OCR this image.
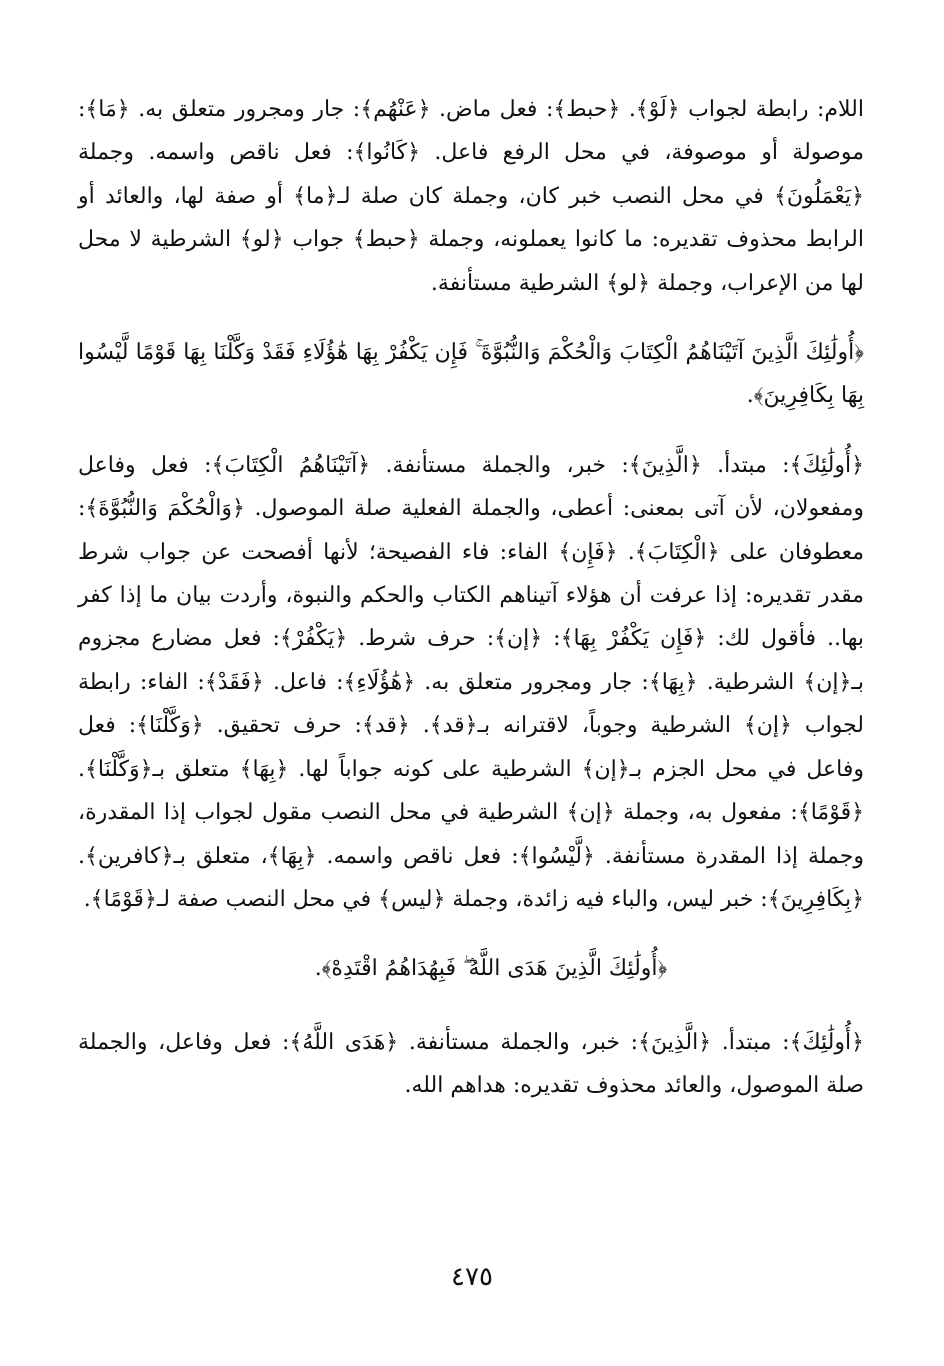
اللام: رابطة لجواب ﴿لَوْ﴾. ﴿حبط﴾: فعل ماض. ﴿عَنْهُم﴾: جار ومجرور متعلق به. ﴿مَا﴾: موصولة أو موصوفة، في محل الرفع فاعل. ﴿كَانُوا﴾: فعل ناقص واسمه. وجملة ﴿يَعْمَلُونَ﴾ في محل النصب خبر كان، وجملة كان صلة لـ﴿ما﴾ أو صفة لها، والعائد أو الرابط محذوف تقديره: ما كانوا يعملونه، وجملة ﴿حبط﴾ جواب ﴿لو﴾ الشرطية لا محل لها من الإعراب، وجملة ﴿لو﴾ الشرطية مستأنفة.

﴿أُولَٰئِكَ الَّذِينَ آتَيْنَاهُمُ الْكِتَابَ وَالْحُكْمَ وَالنُّبُوَّةَ ۚ فَإِن يَكْفُرْ بِهَا هَٰؤُلَاءِ فَقَدْ وَكَّلْنَا بِهَا قَوْمًا لَّيْسُوا بِهَا بِكَافِرِينَ﴾.

﴿أُولَٰئِكَ﴾: مبتدأ. ﴿الَّذِينَ﴾: خبر، والجملة مستأنفة. ﴿آتَيْنَاهُمُ الْكِتَابَ﴾: فعل وفاعل ومفعولان، لأن آتى بمعنى: أعطى، والجملة الفعلية صلة الموصول. ﴿وَالْحُكْمَ وَالنُّبُوَّةَ﴾: معطوفان على ﴿الْكِتَابَ﴾. ﴿فَإِن﴾ الفاء: فاء الفصيحة؛ لأنها أفصحت عن جواب شرط مقدر تقديره: إذا عرفت أن هؤلاء آتيناهم الكتاب والحكم والنبوة، وأردت بيان ما إذا كفر بها.. فأقول لك: ﴿فَإِن يَكْفُرْ بِهَا﴾: ﴿إن﴾: حرف شرط. ﴿يَكْفُرْ﴾: فعل مضارع مجزوم بـ﴿إن﴾ الشرطية. ﴿بِهَا﴾: جار ومجرور متعلق به. ﴿هَٰؤُلَاءِ﴾: فاعل. ﴿فَقَدْ﴾: الفاء: رابطة لجواب ﴿إن﴾ الشرطية وجوباً، لاقترانه بـ﴿قد﴾. ﴿قد﴾: حرف تحقيق. ﴿وَكَّلْنَا﴾: فعل وفاعل في محل الجزم بـ﴿إن﴾ الشرطية على كونه جواباً لها. ﴿بِهَا﴾ متعلق بـ﴿وَكَّلْنَا﴾. ﴿قَوْمًا﴾: مفعول به، وجملة ﴿إن﴾ الشرطية في محل النصب مقول لجواب إذا المقدرة، وجملة إذا المقدرة مستأنفة. ﴿لَّيْسُوا﴾: فعل ناقص واسمه. ﴿بِهَا﴾، متعلق بـ﴿كافرين﴾. ﴿بِكَافِرِينَ﴾: خبر ليس، والباء فيه زائدة، وجملة ﴿ليس﴾ في محل النصب صفة لـ﴿قَوْمًا﴾.

﴿أُولَٰئِكَ الَّذِينَ هَدَى اللَّهُ ۖ فَبِهُدَاهُمُ اقْتَدِهْ﴾.

﴿أُولَٰئِكَ﴾: مبتدأ. ﴿الَّذِينَ﴾: خبر، والجملة مستأنفة. ﴿هَدَى اللَّهُ﴾: فعل وفاعل، والجملة صلة الموصول، والعائد محذوف تقديره: هداهم الله.

٤٧٥
